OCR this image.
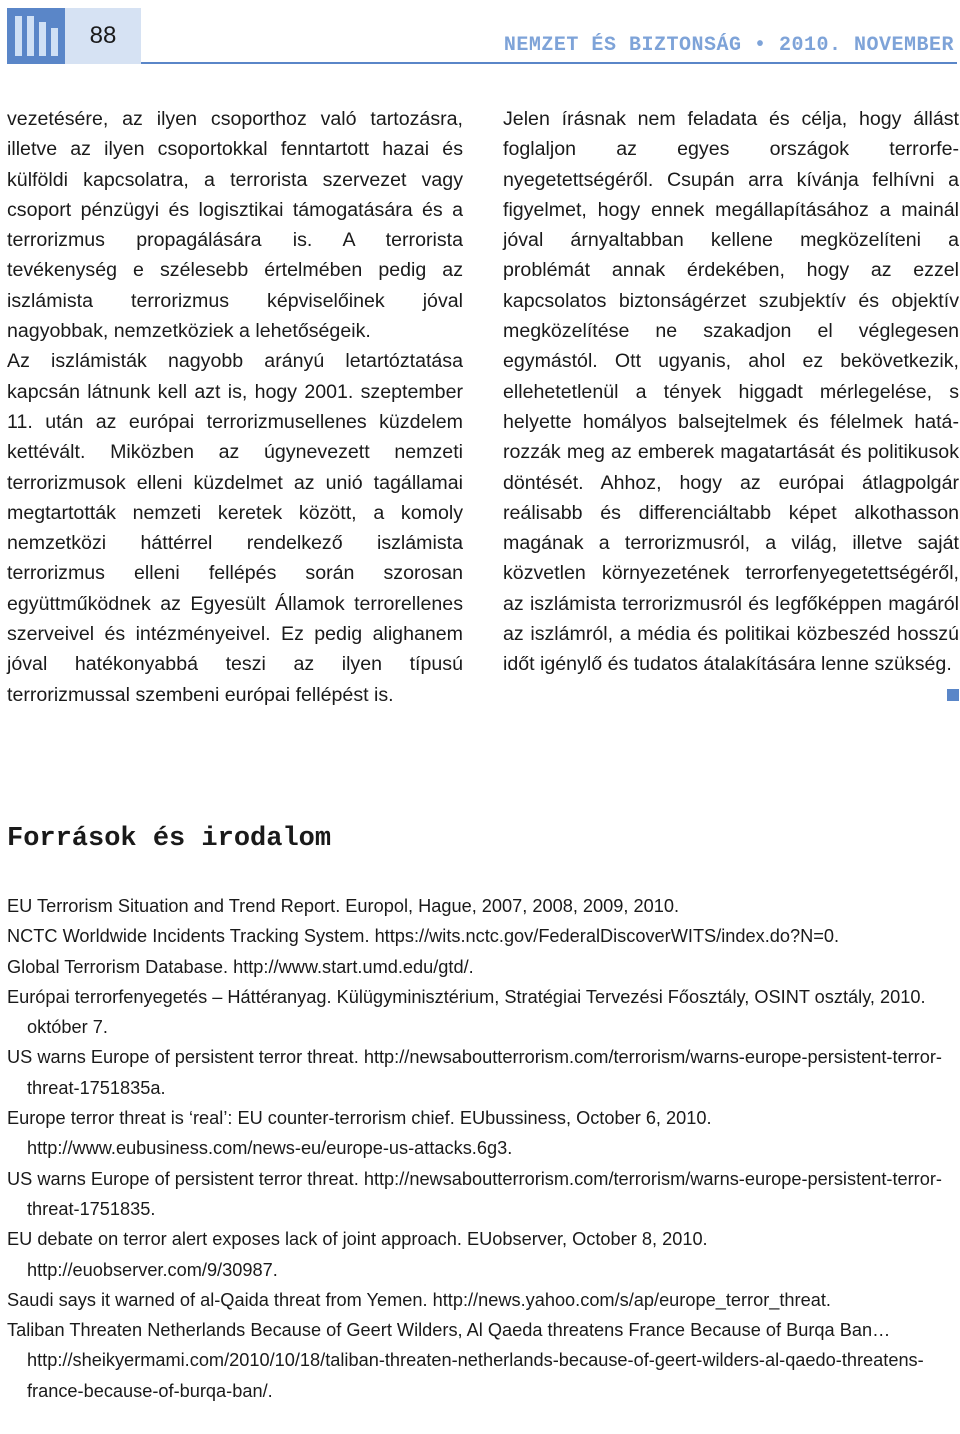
88	NEMZET ÉS BIZTONSÁG • 2010. NOVEMBER

vezetésére, az ilyen csoporthoz való tartozásra, illetve az ilyen csoportokkal fenntartott hazai és külföldi kapcsolatra, a terrorista szervezet vagy csoport pénzügyi és logisztikai támogatására és a terrorizmus propagálására is. A terrorista tevékenység e szélesebb értelmében pedig az iszlámista terrorizmus képviselőinek jóval nagyobbak, nemzetköziek a lehetőségeik.

Az iszlámisták nagyobb arányú letartóztatása kapcsán látnunk kell azt is, hogy 2001. szeptember 11. után az európai terrorizmusellenes küzdelem kettévált. Miközben az úgynevezett nemzeti terrorizmusok elleni küzdelmet az unió tagállamai megtartották nemzeti keretek között, a komoly nemzetközi háttérrel rendelkező iszlámista terrorizmus elleni fellépés során szorosan együttműködnek az Egyesült Államok terrorellenes szerveivel és intézményeivel. Ez pedig alighanem jóval hatékonyabbá teszi az ilyen típusú terrorizmussal szembeni európai fellépést is.

Jelen írásnak nem feladata és célja, hogy állást foglaljon az egyes országok terrorfenyegetettségéről. Csupán arra kívánja felhívni a figyelmet, hogy ennek megállapításához a mainál jóval árnyaltabban kellene megközelíteni a problémát annak érdekében, hogy az ezzel kapcsolatos biztonságérzet szubjektív és objektív megközelítése ne szakadjon el véglegesen egymástól. Ott ugyanis, ahol ez bekövetkezik, ellehetetlenül a tények higgadt mérlegelése, s helyette homályos balsejtelmek és félelmek határozzák meg az emberek magatartását és politikusok döntését. Ahhoz, hogy az európai átlagpolgár reálisabb és differenciáltabb képet alkothasson magának a terrorizmusról, a világ, illetve saját közvetlen környezetének terrorfenyegetettségéről, az iszlámista terrorizmusról és legfőképpen magáról az iszlámról, a média és politikai közbeszéd hosszú időt igénylő és tudatos átalakítására lenne szükség.

Források és irodalom
EU Terrorism Situation and Trend Report. Europol, Hague, 2007, 2008, 2009, 2010.
NCTC Worldwide Incidents Tracking System. https://wits.nctc.gov/FederalDiscoverWITS/index.do?N=0.
Global Terrorism Database. http://www.start.umd.edu/gtd/.
Európai terrorfenyegetés – Háttéranyag. Külügyminisztérium, Stratégiai Tervezési Főosztály, OSINT osztály, 2010. október 7.
US warns Europe of persistent terror threat. http://newsaboutterrorism.com/terrorism/warns-europe-persistent-terror-threat-1751835a.
Europe terror threat is ‘real’: EU counter-terrorism chief. EUbussiness, October 6, 2010. http://www.eubusiness.com/news-eu/europe-us-attacks.6g3.
US warns Europe of persistent terror threat. http://newsaboutterrorism.com/terrorism/warns-europe-persistent-terror-threat-1751835.
EU debate on terror alert exposes lack of joint approach. EUobserver, October 8, 2010. http://euobserver.com/9/30987.
Saudi says it warned of al-Qaida threat from Yemen. http://news.yahoo.com/s/ap/europe_terror_threat.
Taliban Threaten Netherlands Because of Geert Wilders, Al Qaeda threatens France Because of Burqa Ban… http://sheikyermami.com/2010/10/18/taliban-threaten-netherlands-because-of-geert-wilders-al-qaedo-threatens-france-because-of-burqa-ban/.
